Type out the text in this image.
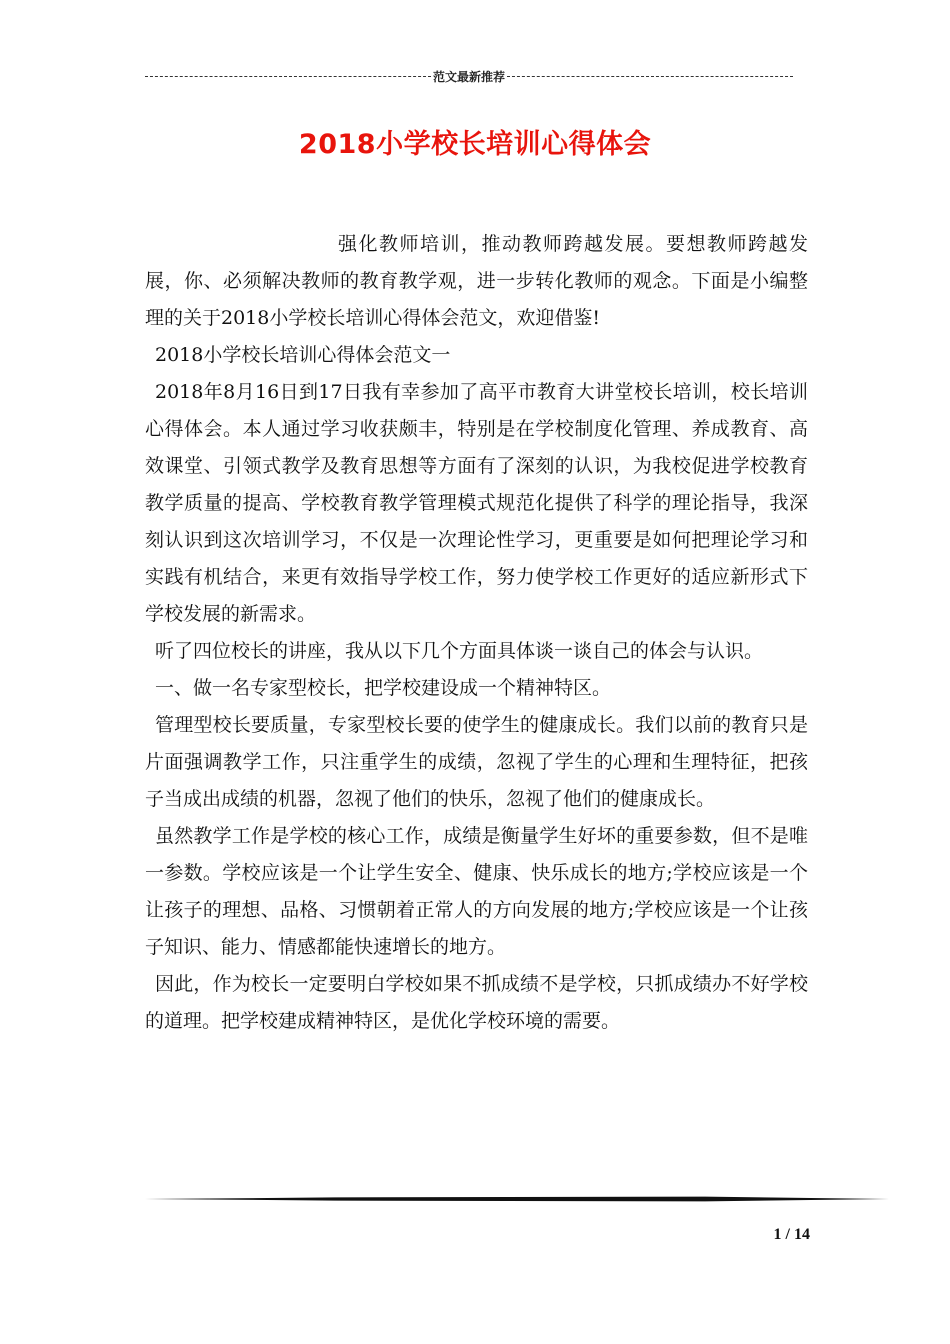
范文最新推荐
2018小学校长培训心得体会

强化教师培训，推动教师跨越发展。要想教师跨越发展，你、必须解决教师的教育教学观，进一步转化教师的观念。下面是小编整理的关于2018小学校长培训心得体会范文，欢迎借鉴!

2018小学校长培训心得体会范文一

2018年8月16日到17日我有幸参加了高平市教育大讲堂校长培训，校长培训心得体会。本人通过学习收获颇丰，特别是在学校制度化管理、养成教育、高效课堂、引领式教学及教育思想等方面有了深刻的认识，为我校促进学校教育教学质量的提高、学校教育教学管理模式规范化提供了科学的理论指导，我深刻认识到这次培训学习，不仅是一次理论性学习，更重要是如何把理论学习和实践有机结合，来更有效指导学校工作，努力使学校工作更好的适应新形式下学校发展的新需求。

听了四位校长的讲座，我从以下几个方面具体谈一谈自己的体会与认识。

一、做一名专家型校长，把学校建设成一个精神特区。

管理型校长要质量，专家型校长要的使学生的健康成长。我们以前的教育只是片面强调教学工作，只注重学生的成绩，忽视了学生的心理和生理特征，把孩子当成出成绩的机器，忽视了他们的快乐，忽视了他们的健康成长。

虽然教学工作是学校的核心工作，成绩是衡量学生好坏的重要参数，但不是唯一参数。学校应该是一个让学生安全、健康、快乐成长的地方;学校应该是一个让孩子的理想、品格、习惯朝着正常人的方向发展的地方;学校应该是一个让孩子知识、能力、情感都能快速增长的地方。

因此，作为校长一定要明白学校如果不抓成绩不是学校，只抓成绩办不好学校的道理。把学校建成精神特区，是优化学校环境的需要。

1 / 14
